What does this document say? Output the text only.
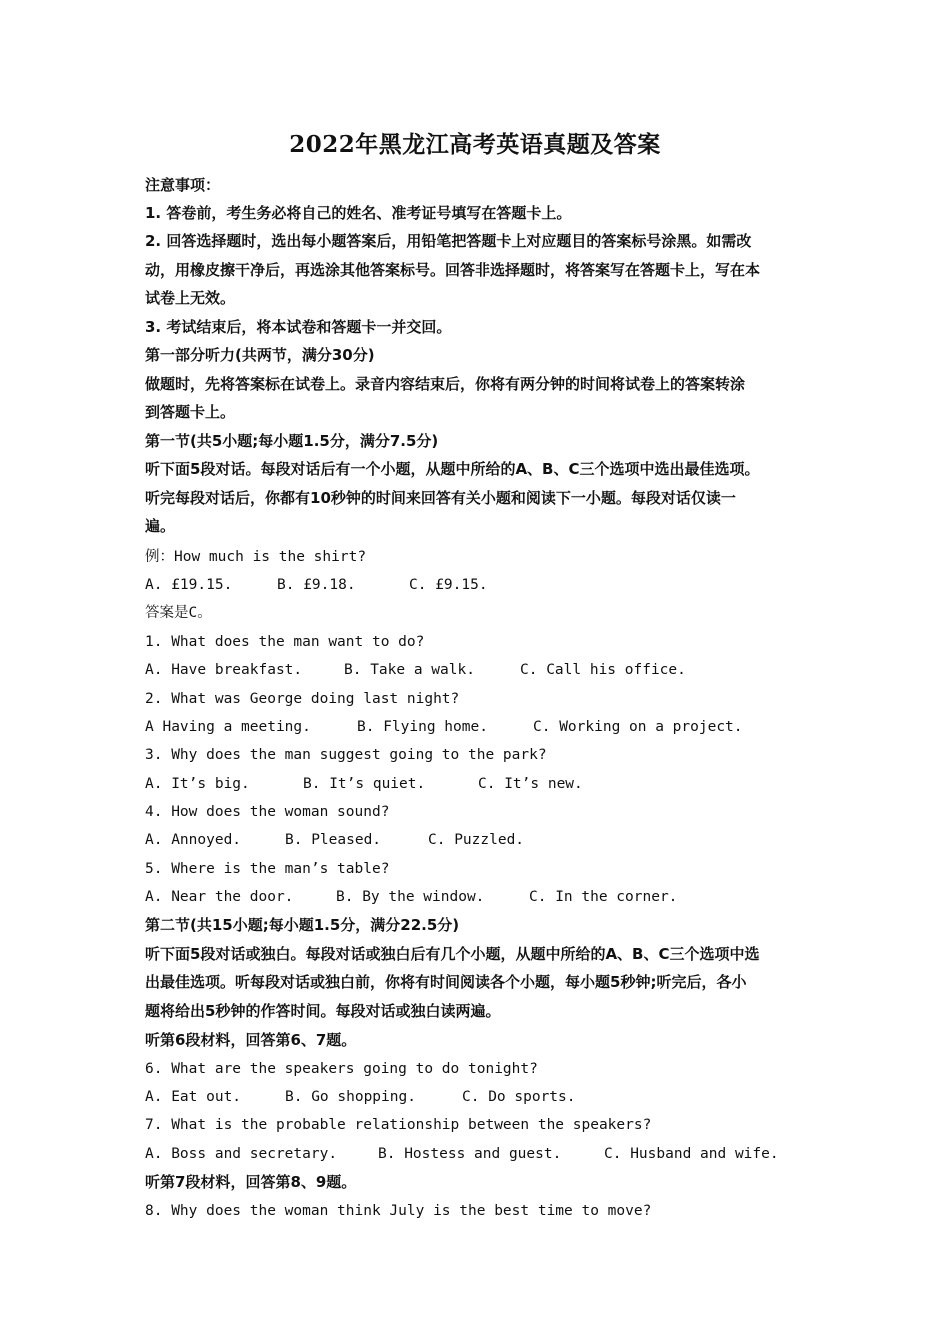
2022年黑龙江高考英语真题及答案
注意事项：
1. 答卷前，考生务必将自己的姓名、准考证号填写在答题卡上。
2. 回答选择题时，选出每小题答案后，用铅笔把答题卡上对应题目的答案标号涂黑。如需改
动，用橡皮擦干净后，再选涂其他答案标号。回答非选择题时，将答案写在答题卡上，写在本
试卷上无效。
3. 考试结束后，将本试卷和答题卡一并交回。
第一部分听力(共两节，满分30分)
做题时，先将答案标在试卷上。录音内容结束后，你将有两分钟的时间将试卷上的答案转涂
到答题卡上。
第一节(共5小题;每小题1.5分，满分7.5分)
听下面5段对话。每段对话后有一个小题，从题中所给的A、B、C三个选项中选出最佳选项。
听完每段对话后，你都有10秒钟的时间来回答有关小题和阅读下一小题。每段对话仅读一
遍。
例：How much is the shirt?
A. £19.15.	B. £9.18.	C. £9.15.
答案是C。
1. What does the man want to do?
A. Have breakfast.	B. Take a walk.	C. Call his office.
2. What was George doing last night?
A Having a meeting.	B. Flying home.	C. Working on a project.
3. Why does the man suggest going to the park?
A. It’s big.	B. It’s quiet.	C. It’s new.
4. How does the woman sound?
A. Annoyed.	B. Pleased.	C. Puzzled.
5. Where is the man’s table?
A. Near the door.	B. By the window.	C. In the corner.
第二节(共15小题;每小题1.5分，满分22.5分)
听下面5段对话或独白。每段对话或独白后有几个小题，从题中所给的A、B、C三个选项中选
出最佳选项。听每段对话或独白前，你将有时间阅读各个小题，每小题5秒钟;听完后，各小
题将给出5秒钟的作答时间。每段对话或独白读两遍。
听第6段材料，回答第6、7题。
6. What are the speakers going to do tonight?
A. Eat out.	B. Go shopping.	C. Do sports.
7. What is the probable relationship between the speakers?
A. Boss and secretary.	B. Hostess and guest.	C. Husband and wife.
听第7段材料，回答第8、9题。
8. Why does the woman think July is the best time to move?
